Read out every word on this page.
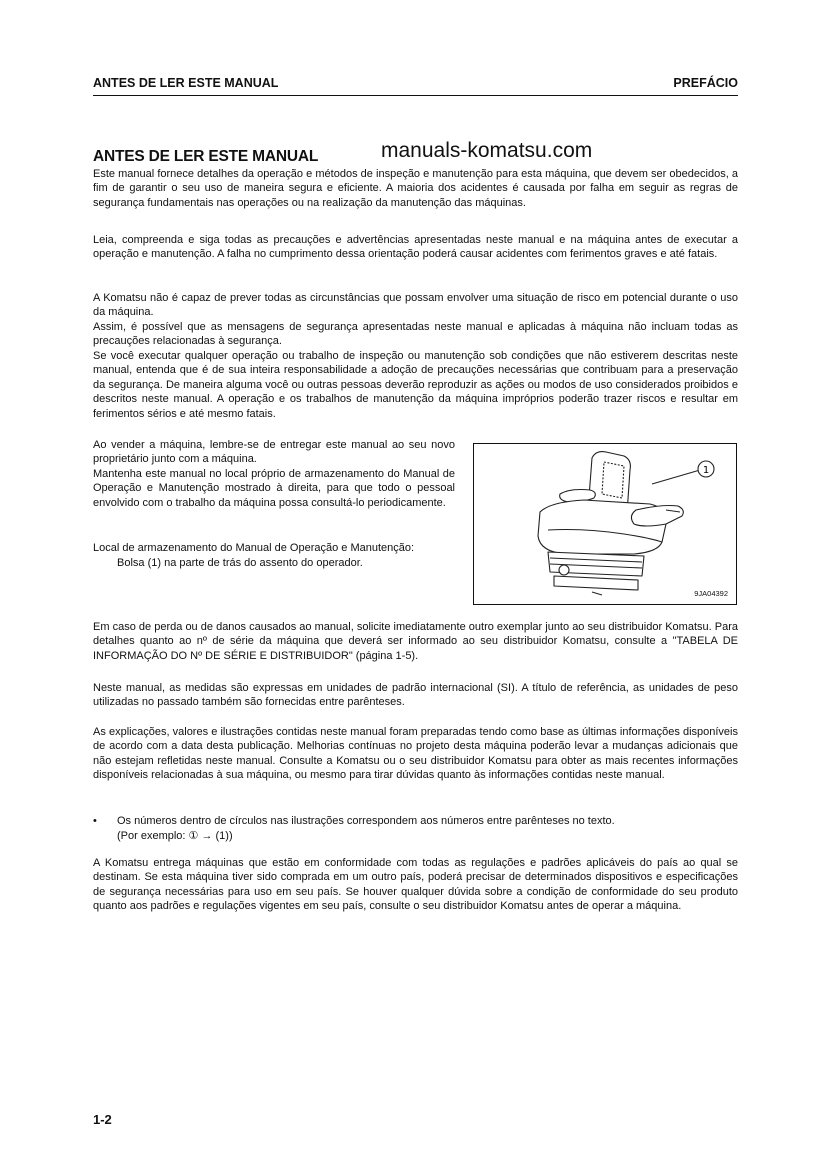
ANTES DE LER ESTE MANUAL	PREFÁCIO
ANTES DE LER ESTE MANUAL	manuals-komatsu.com

Este manual fornece detalhes da operação e métodos de inspeção e manutenção para esta máquina, que devem ser obedecidos, a fim de garantir o seu uso de maneira segura e eficiente. A maioria dos acidentes é causada por falha em seguir as regras de segurança fundamentais nas operações ou na realização da manutenção das máquinas.

Leia, compreenda e siga todas as precauções e advertências apresentadas neste manual e na máquina antes de executar a operação e manutenção. A falha no cumprimento dessa orientação poderá causar acidentes com ferimentos graves e até fatais.

A Komatsu não é capaz de prever todas as circunstâncias que possam envolver uma situação de risco em potencial durante o uso da máquina.

Assim, é possível que as mensagens de segurança apresentadas neste manual e aplicadas à máquina não incluam todas as precauções relacionadas à segurança.

Se você executar qualquer operação ou trabalho de inspeção ou manutenção sob condições que não estiverem descritas neste manual, entenda que é de sua inteira responsabilidade a adoção de precauções necessárias que contribuam para a preservação da segurança. De maneira alguma você ou outras pessoas deverão reproduzir as ações ou modos de uso considerados proibidos e descritos neste manual. A operação e os trabalhos de manutenção da máquina impróprios poderão trazer riscos e resultar em ferimentos sérios e até mesmo fatais.

Ao vender a máquina, lembre-se de entregar este manual ao seu novo proprietário junto com a máquina.

Mantenha este manual no local próprio de armazenamento do Manual de Operação e Manutenção mostrado à direita, para que todo o pessoal envolvido com o trabalho da máquina possa consultá-lo periodicamente.

Local de armazenamento do Manual de Operação e Manutenção:

Bolsa (1) na parte de trás do assento do operador.

1
9JA04392

Em caso de perda ou de danos causados ao manual, solicite imediatamente outro exemplar junto ao seu distribuidor Komatsu. Para detalhes quanto ao nº de série da máquina que deverá ser informado ao seu distribuidor Komatsu, consulte a "TABELA DE INFORMAÇÃO DO Nº DE SÉRIE E DISTRIBUIDOR" (página 1-5).

Neste manual, as medidas são expressas em unidades de padrão internacional (SI). A título de referência, as unidades de peso utilizadas no passado também são fornecidas entre parênteses.

As explicações, valores e ilustrações contidas neste manual foram preparadas tendo como base as últimas informações disponíveis de acordo com a data desta publicação. Melhorias contínuas no projeto desta máquina poderão levar a mudanças adicionais que não estejam refletidas neste manual. Consulte a Komatsu ou o seu distribuidor Komatsu para obter as mais recentes informações disponíveis relacionadas à sua máquina, ou mesmo para tirar dúvidas quanto às informações contidas neste manual.

• Os números dentro de círculos nas ilustrações correspondem aos números entre parênteses no texto.
(Por exemplo: ① → (1))

A Komatsu entrega máquinas que estão em conformidade com todas as regulações e padrões aplicáveis do país ao qual se destinam. Se esta máquina tiver sido comprada em um outro país, poderá precisar de determinados dispositivos e especificações de segurança necessárias para uso em seu país. Se houver qualquer dúvida sobre a condição de conformidade do seu produto quanto aos padrões e regulações vigentes em seu país, consulte o seu distribuidor Komatsu antes de operar a máquina.

1-2
